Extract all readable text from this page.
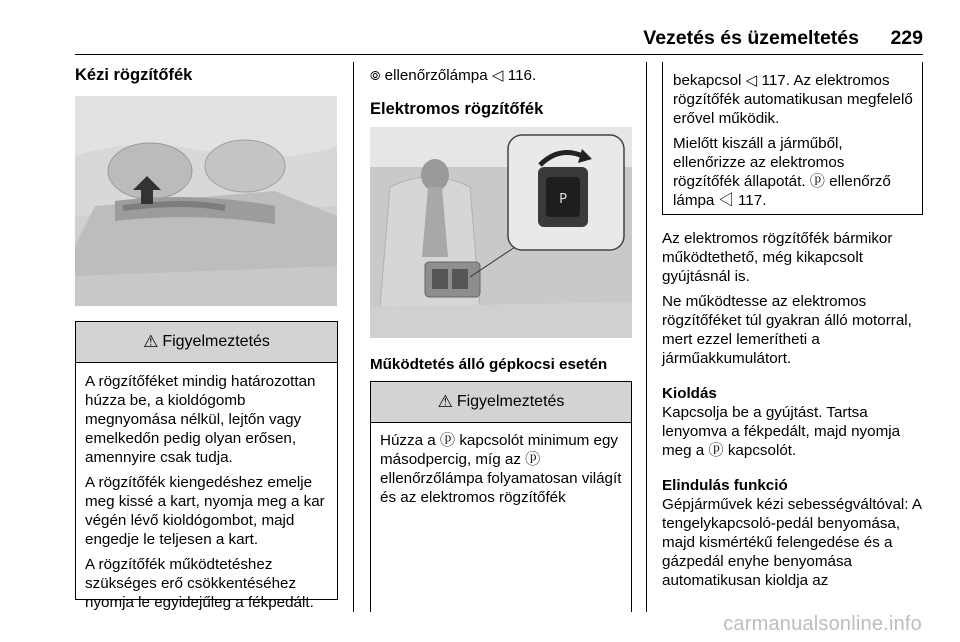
Vezetés és üzemeltetés 229
Kézi rögzítőfék
⚠ Figyelmeztetés

A rögzítőféket mindig határozottan húzza be, a kioldógomb megnyomása nélkül, lejtőn vagy emelkedőn pedig olyan erősen, amennyire csak tudja.

A rögzítőfék kiengedéshez emelje meg kissé a kart, nyomja meg a kar végén lévő kioldógombot, majd engedje le teljesen a kart.

A rögzítőfék működtetéshez szükséges erő csökkentéséhez nyomja le egyidejűleg a fékpedált.

⦾ ellenőrzőlámpa ◁ 116.
Elektromos rögzítőfék
P
Működtetés álló gépkocsi esetén
⚠ Figyelmeztetés

Húzza a ⓟ kapcsolót minimum egy másodpercig, míg az ⓟ ellenőrzőlámpa folyamatosan világít és az elektromos rögzítőfék

bekapcsol ◁ 117. Az elektromos rögzítőfék automatikusan megfelelő erővel működik.

Mielőtt kiszáll a járműből, ellenőrizze az elektromos rögzítőfék állapotát. ⓟ ellenőrző lámpa ◁ 117.

Az elektromos rögzítőfék bármikor működtethető, még kikapcsolt gyújtásnál is.

Ne működtesse az elektromos rögzítőféket túl gyakran álló motorral, mert ezzel lemerítheti a járműakkumulátort.

Kioldás

Kapcsolja be a gyújtást. Tartsa lenyomva a fékpedált, majd nyomja meg a ⓟ kapcsolót.

Elindulás funkció

Gépjárművek kézi sebességváltóval: A tengelykapcsoló-pedál benyomása, majd kismértékű felengedése és a gázpedál enyhe benyomása automatikusan kioldja az

carmanualsonline.info
